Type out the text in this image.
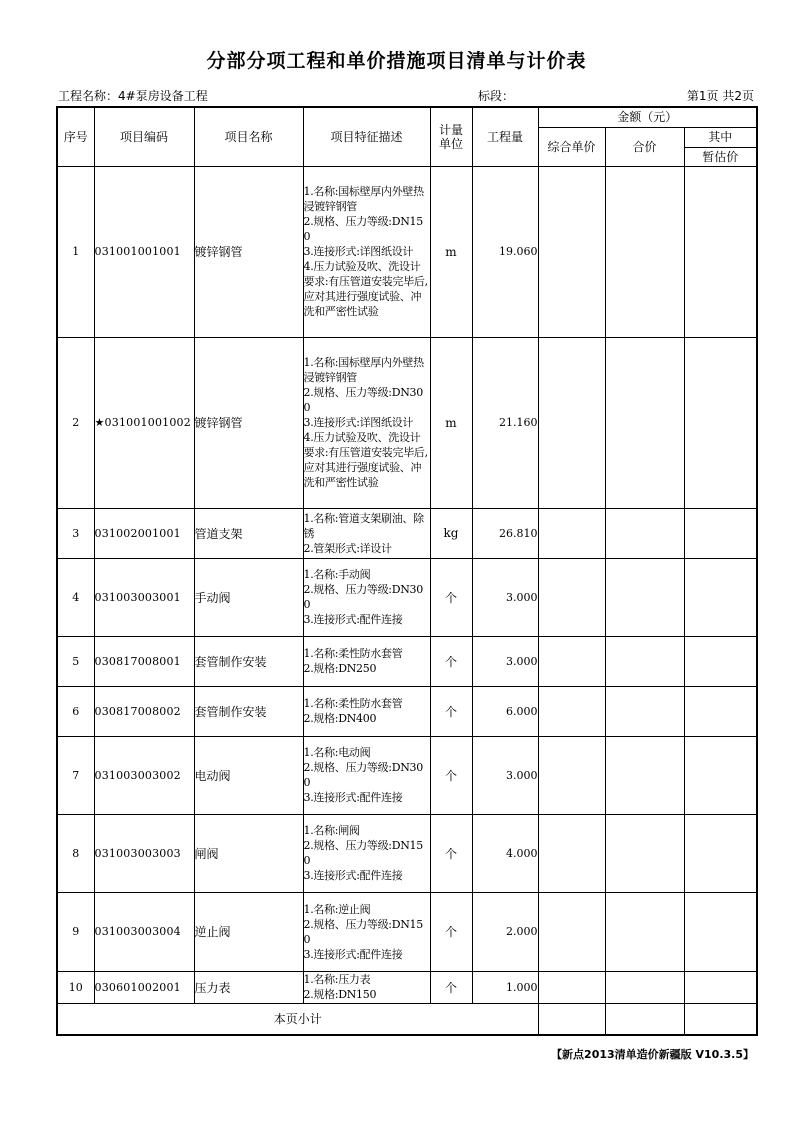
分部分项工程和单价措施项目清单与计价表
工程名称：4#泵房设备工程	标段：	第1页 共2页
序号	项目编码	项目名称	项目特征描述	计量单位	工程量	金额（元）		
						综合单价	合价	其中
								暂估价
1	031001001001	镀锌钢管	1.名称:国标壁厚内外壁热浸镀锌钢管
2.规格、压力等级:DN150
3.连接形式:详图纸设计
4.压力试验及吹、洗设计要求:有压管道安装完毕后,应对其进行强度试验、冲洗和严密性试验	m	19.060			
2	★031001001002	镀锌钢管	1.名称:国标壁厚内外壁热浸镀锌钢管
2.规格、压力等级:DN300
3.连接形式:详图纸设计
4.压力试验及吹、洗设计要求:有压管道安装完毕后,应对其进行强度试验、冲洗和严密性试验	m	21.160			
3	031002001001	管道支架	1.名称:管道支架刷油、除锈
2.管架形式:详设计	kg	26.810			
4	031003003001	手动阀	1.名称:手动阀
2.规格、压力等级:DN300
3.连接形式:配件连接	个	3.000			
5	030817008001	套管制作安装	1.名称:柔性防水套管
2.规格:DN250	个	3.000			
6	030817008002	套管制作安装	1.名称:柔性防水套管
2.规格:DN400	个	6.000			
7	031003003002	电动阀	1.名称:电动阀
2.规格、压力等级:DN300
3.连接形式:配件连接	个	3.000			
8	031003003003	闸阀	1.名称:闸阀
2.规格、压力等级:DN150
3.连接形式:配件连接	个	4.000			
9	031003003004	逆止阀	1.名称:逆止阀
2.规格、压力等级:DN150
3.连接形式:配件连接	个	2.000			
10	030601002001	压力表	1.名称:压力表
2.规格:DN150	个	1.000			
本页小计								
【新点2013清单造价新疆版 V10.3.5】
